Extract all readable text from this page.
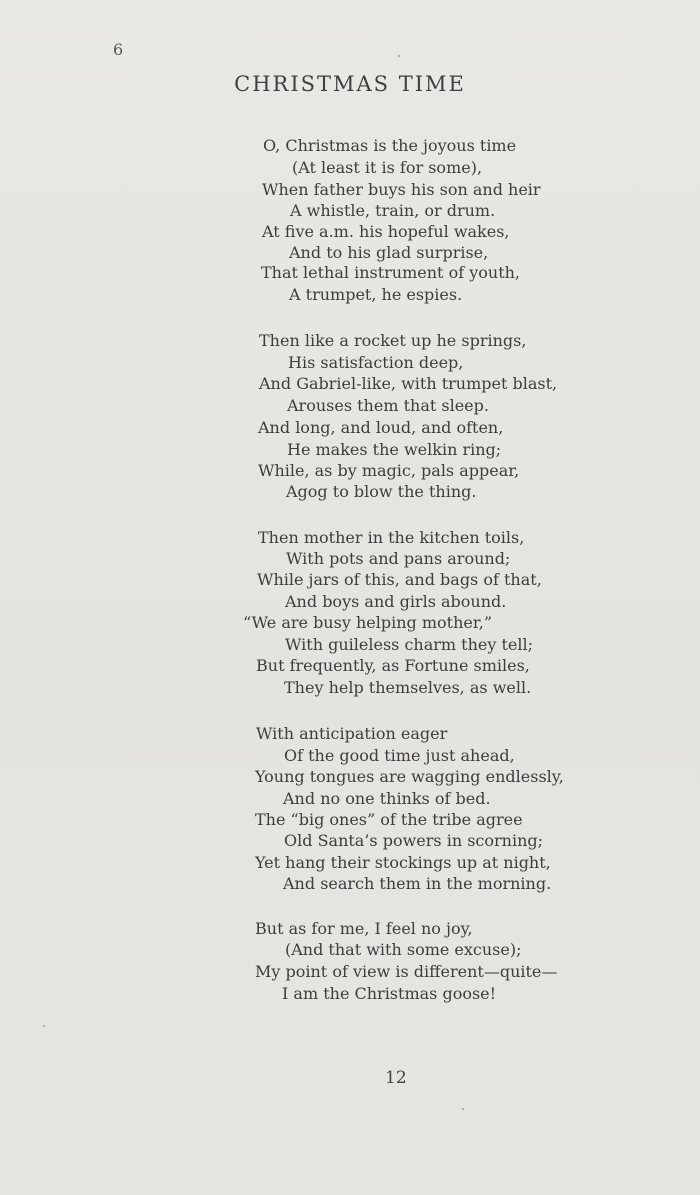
6
CHRISTMAS TIME
O, Christmas is the joyous time
(At least it is for some),
When father buys his son and heir
A whistle, train, or drum.
At five a.m. his hopeful wakes,
And to his glad surprise,
That lethal instrument of youth,
A trumpet, he espies.
Then like a rocket up he springs,
His satisfaction deep,
And Gabriel-like, with trumpet blast,
Arouses them that sleep.
And long, and loud, and often,
He makes the welkin ring;
While, as by magic, pals appear,
Agog to blow the thing.
Then mother in the kitchen toils,
With pots and pans around;
While jars of this, and bags of that,
And boys and girls abound.
“We are busy helping mother,”
With guileless charm they tell;
But frequently, as Fortune smiles,
They help themselves, as well.
With anticipation eager
Of the good time just ahead,
Young tongues are wagging endlessly,
And no one thinks of bed.
The “big ones” of the tribe agree
Old Santa’s powers in scorning;
Yet hang their stockings up at night,
And search them in the morning.
But as for me, I feel no joy,
(And that with some excuse);
My point of view is different—quite—
I am the Christmas goose!
12
